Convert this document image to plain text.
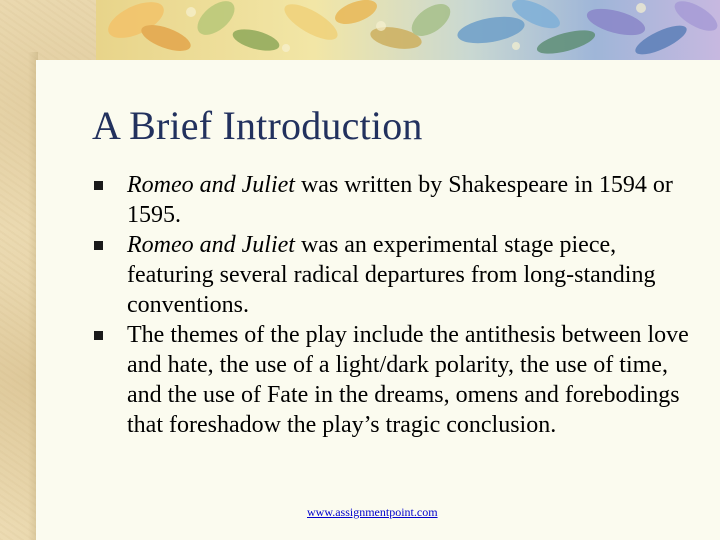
A Brief Introduction
Romeo and Juliet was written by Shakespeare in 1594 or 1595.
Romeo and Juliet was an experimental stage piece, featuring several radical departures from long-standing conventions.
The themes of the play include the antithesis between love and hate, the use of a light/dark polarity, the use of time, and the use of Fate in the dreams, omens and forebodings that foreshadow the play’s tragic conclusion.
www.assignmentpoint.com
